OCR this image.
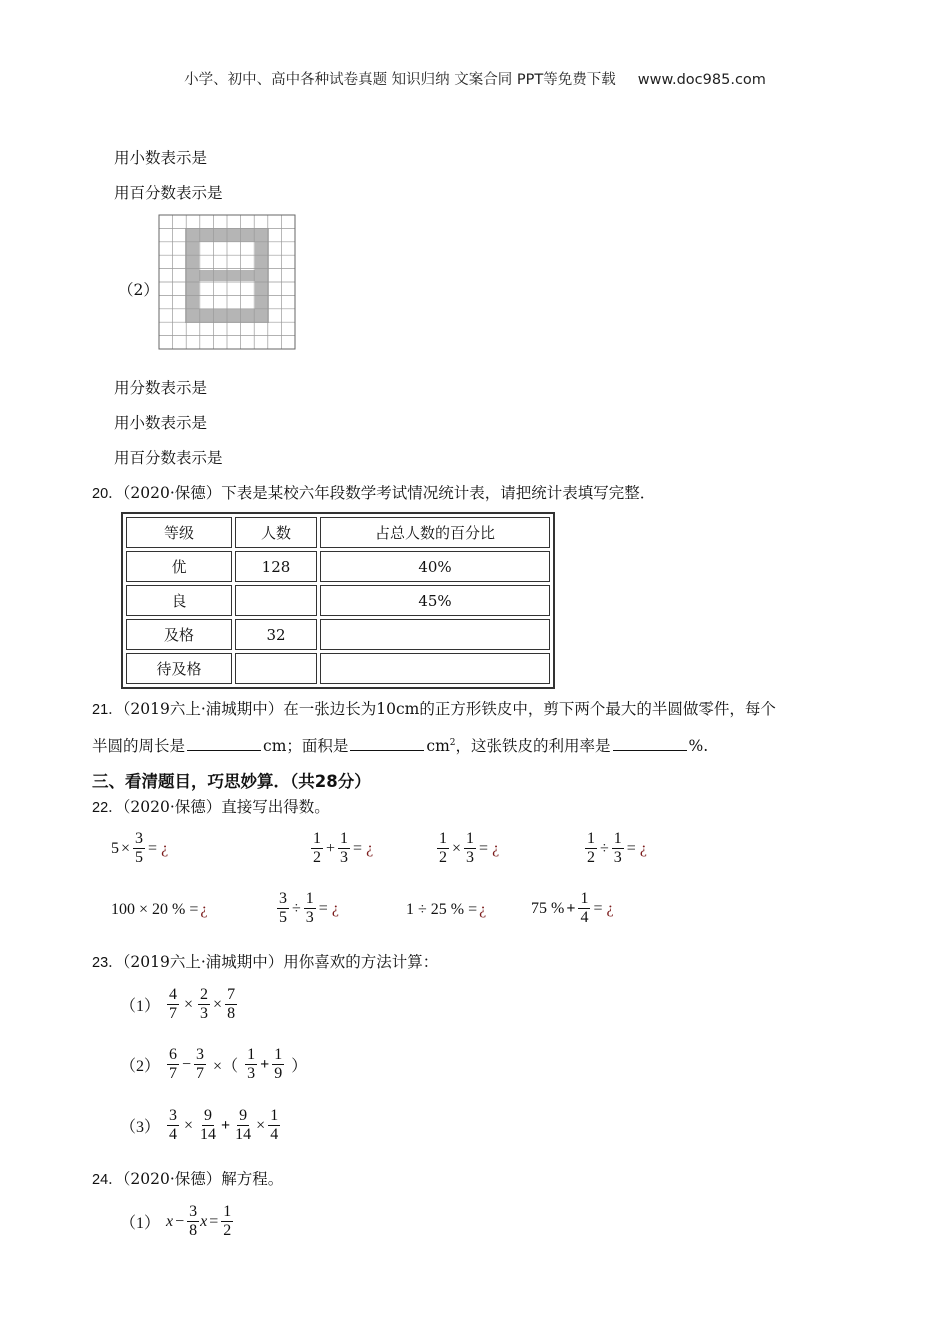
小学、初中、高中各种试卷真题 知识归纳 文案合同 PPT等免费下载 www.doc985.com
用小数表示是
用百分数表示是
（2）
用分数表示是
用小数表示是
用百分数表示是
20．（2020·保德）下表是某校六年段数学考试情况统计表，请把统计表填写完整．
等级	人数	占总人数的百分比
优	128	40%
良		45%
及格	32	
待及格		
21．（2019六上·浦城期中）在一张边长为10cm的正方形铁皮中，剪下两个最大的半圆做零件，每个
半圆的周长是	cm；面积是	$cm^2$，这张铁皮的利用率是	%.
三、看清题目，巧思妙算．（共28分）
22．（2020·保德）直接写出得数。
$5 \times \frac{3}{5}$ = ¿	$\frac{1}{2} + \frac{1}{3}$ = ¿	$\frac{1}{2} \times \frac{1}{3}$ = ¿	$\frac{1}{2} \div \frac{1}{3}$ = ¿
100 × 20 % = ¿	$\frac{3}{5} \div \frac{1}{3}$ = ¿	1 ÷ 25 % = ¿	75 % + $\frac{1}{4}$ = ¿
23．（2019六上·浦城期中）用你喜欢的方法计算：
$(1) \frac{4}{7} \times \frac{2}{3} \times \frac{7}{8}$
$(2) \frac{6}{7} - \frac{3}{7}$ ×（ $\frac{1}{3} + \frac{1}{9}$ ）
$(3) \frac{3}{4} \times \frac{9}{14} + \frac{9}{14} \times \frac{1}{4}$
24．（2020·保德）解方程。
（1） $x - \frac{3}{8}$ $x = \frac{1}{2}$
